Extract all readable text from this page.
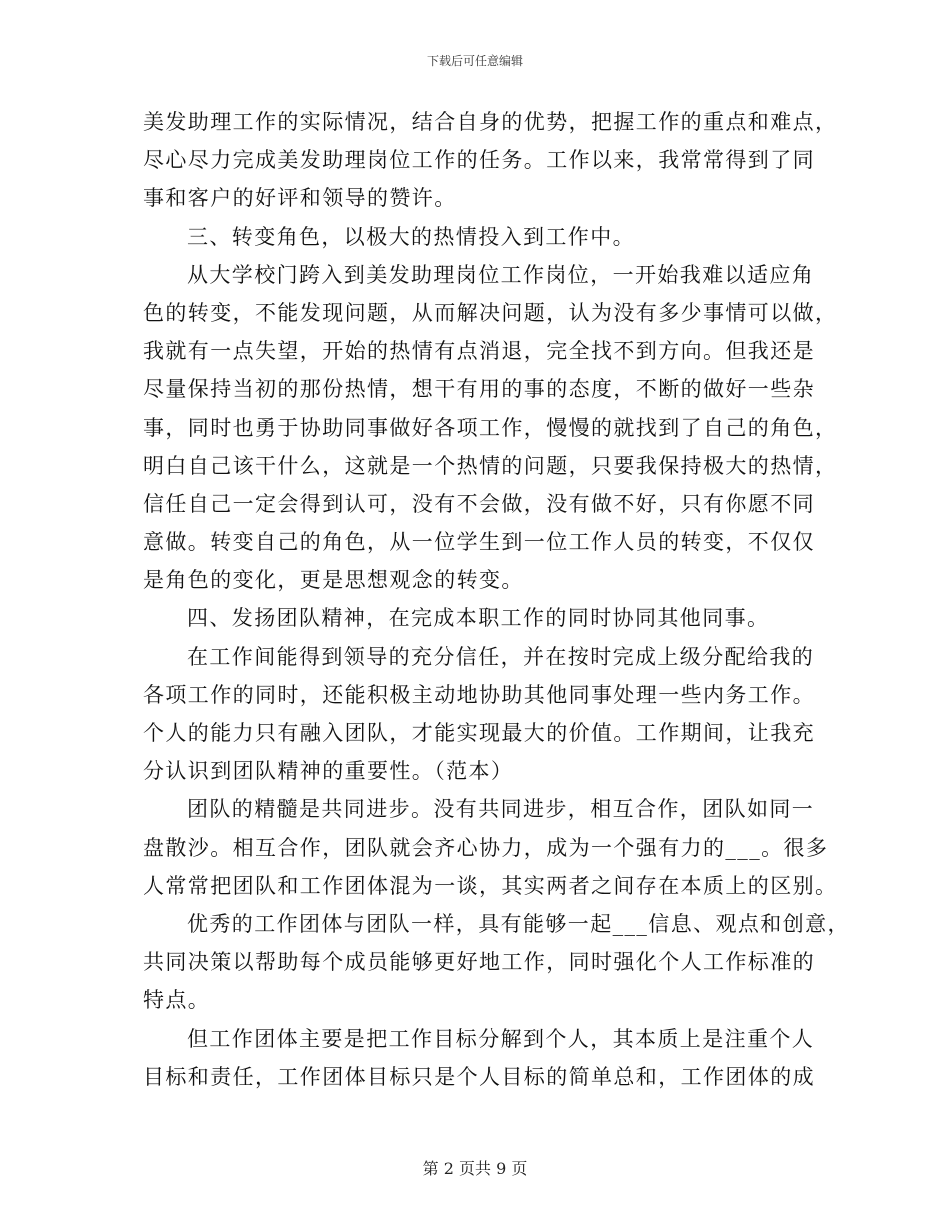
下载后可任意编辑
美发助理工作的实际情况，结合自身的优势，把握工作的重点和难点，
尽心尽力完成美发助理岗位工作的任务。工作以来，我常常得到了同
事和客户的好评和领导的赞许。
三、转变角色，以极大的热情投入到工作中。
从大学校门跨入到美发助理岗位工作岗位，一开始我难以适应角
色的转变，不能发现问题，从而解决问题，认为没有多少事情可以做，
我就有一点失望，开始的热情有点消退，完全找不到方向。但我还是
尽量保持当初的那份热情，想干有用的事的态度，不断的做好一些杂
事，同时也勇于协助同事做好各项工作，慢慢的就找到了自己的角色，
明白自己该干什么，这就是一个热情的问题，只要我保持极大的热情，
信任自己一定会得到认可，没有不会做，没有做不好，只有你愿不同
意做。转变自己的角色，从一位学生到一位工作人员的转变，不仅仅
是角色的变化，更是思想观念的转变。
四、发扬团队精神，在完成本职工作的同时协同其他同事。
在工作间能得到领导的充分信任，并在按时完成上级分配给我的
各项工作的同时，还能积极主动地协助其他同事处理一些内务工作。
个人的能力只有融入团队，才能实现最大的价值。工作期间，让我充
分认识到团队精神的重要性。（范本）
团队的精髓是共同进步。没有共同进步，相互合作，团队如同一
盘散沙。相互合作，团队就会齐心协力，成为一个强有力的___。很多
人常常把团队和工作团体混为一谈，其实两者之间存在本质上的区别。
优秀的工作团体与团队一样，具有能够一起___信息、观点和创意，
共同决策以帮助每个成员能够更好地工作，同时强化个人工作标准的
特点。
但工作团体主要是把工作目标分解到个人，其本质上是注重个人
目标和责任，工作团体目标只是个人目标的简单总和，工作团体的成
第 2 页共 9 页
